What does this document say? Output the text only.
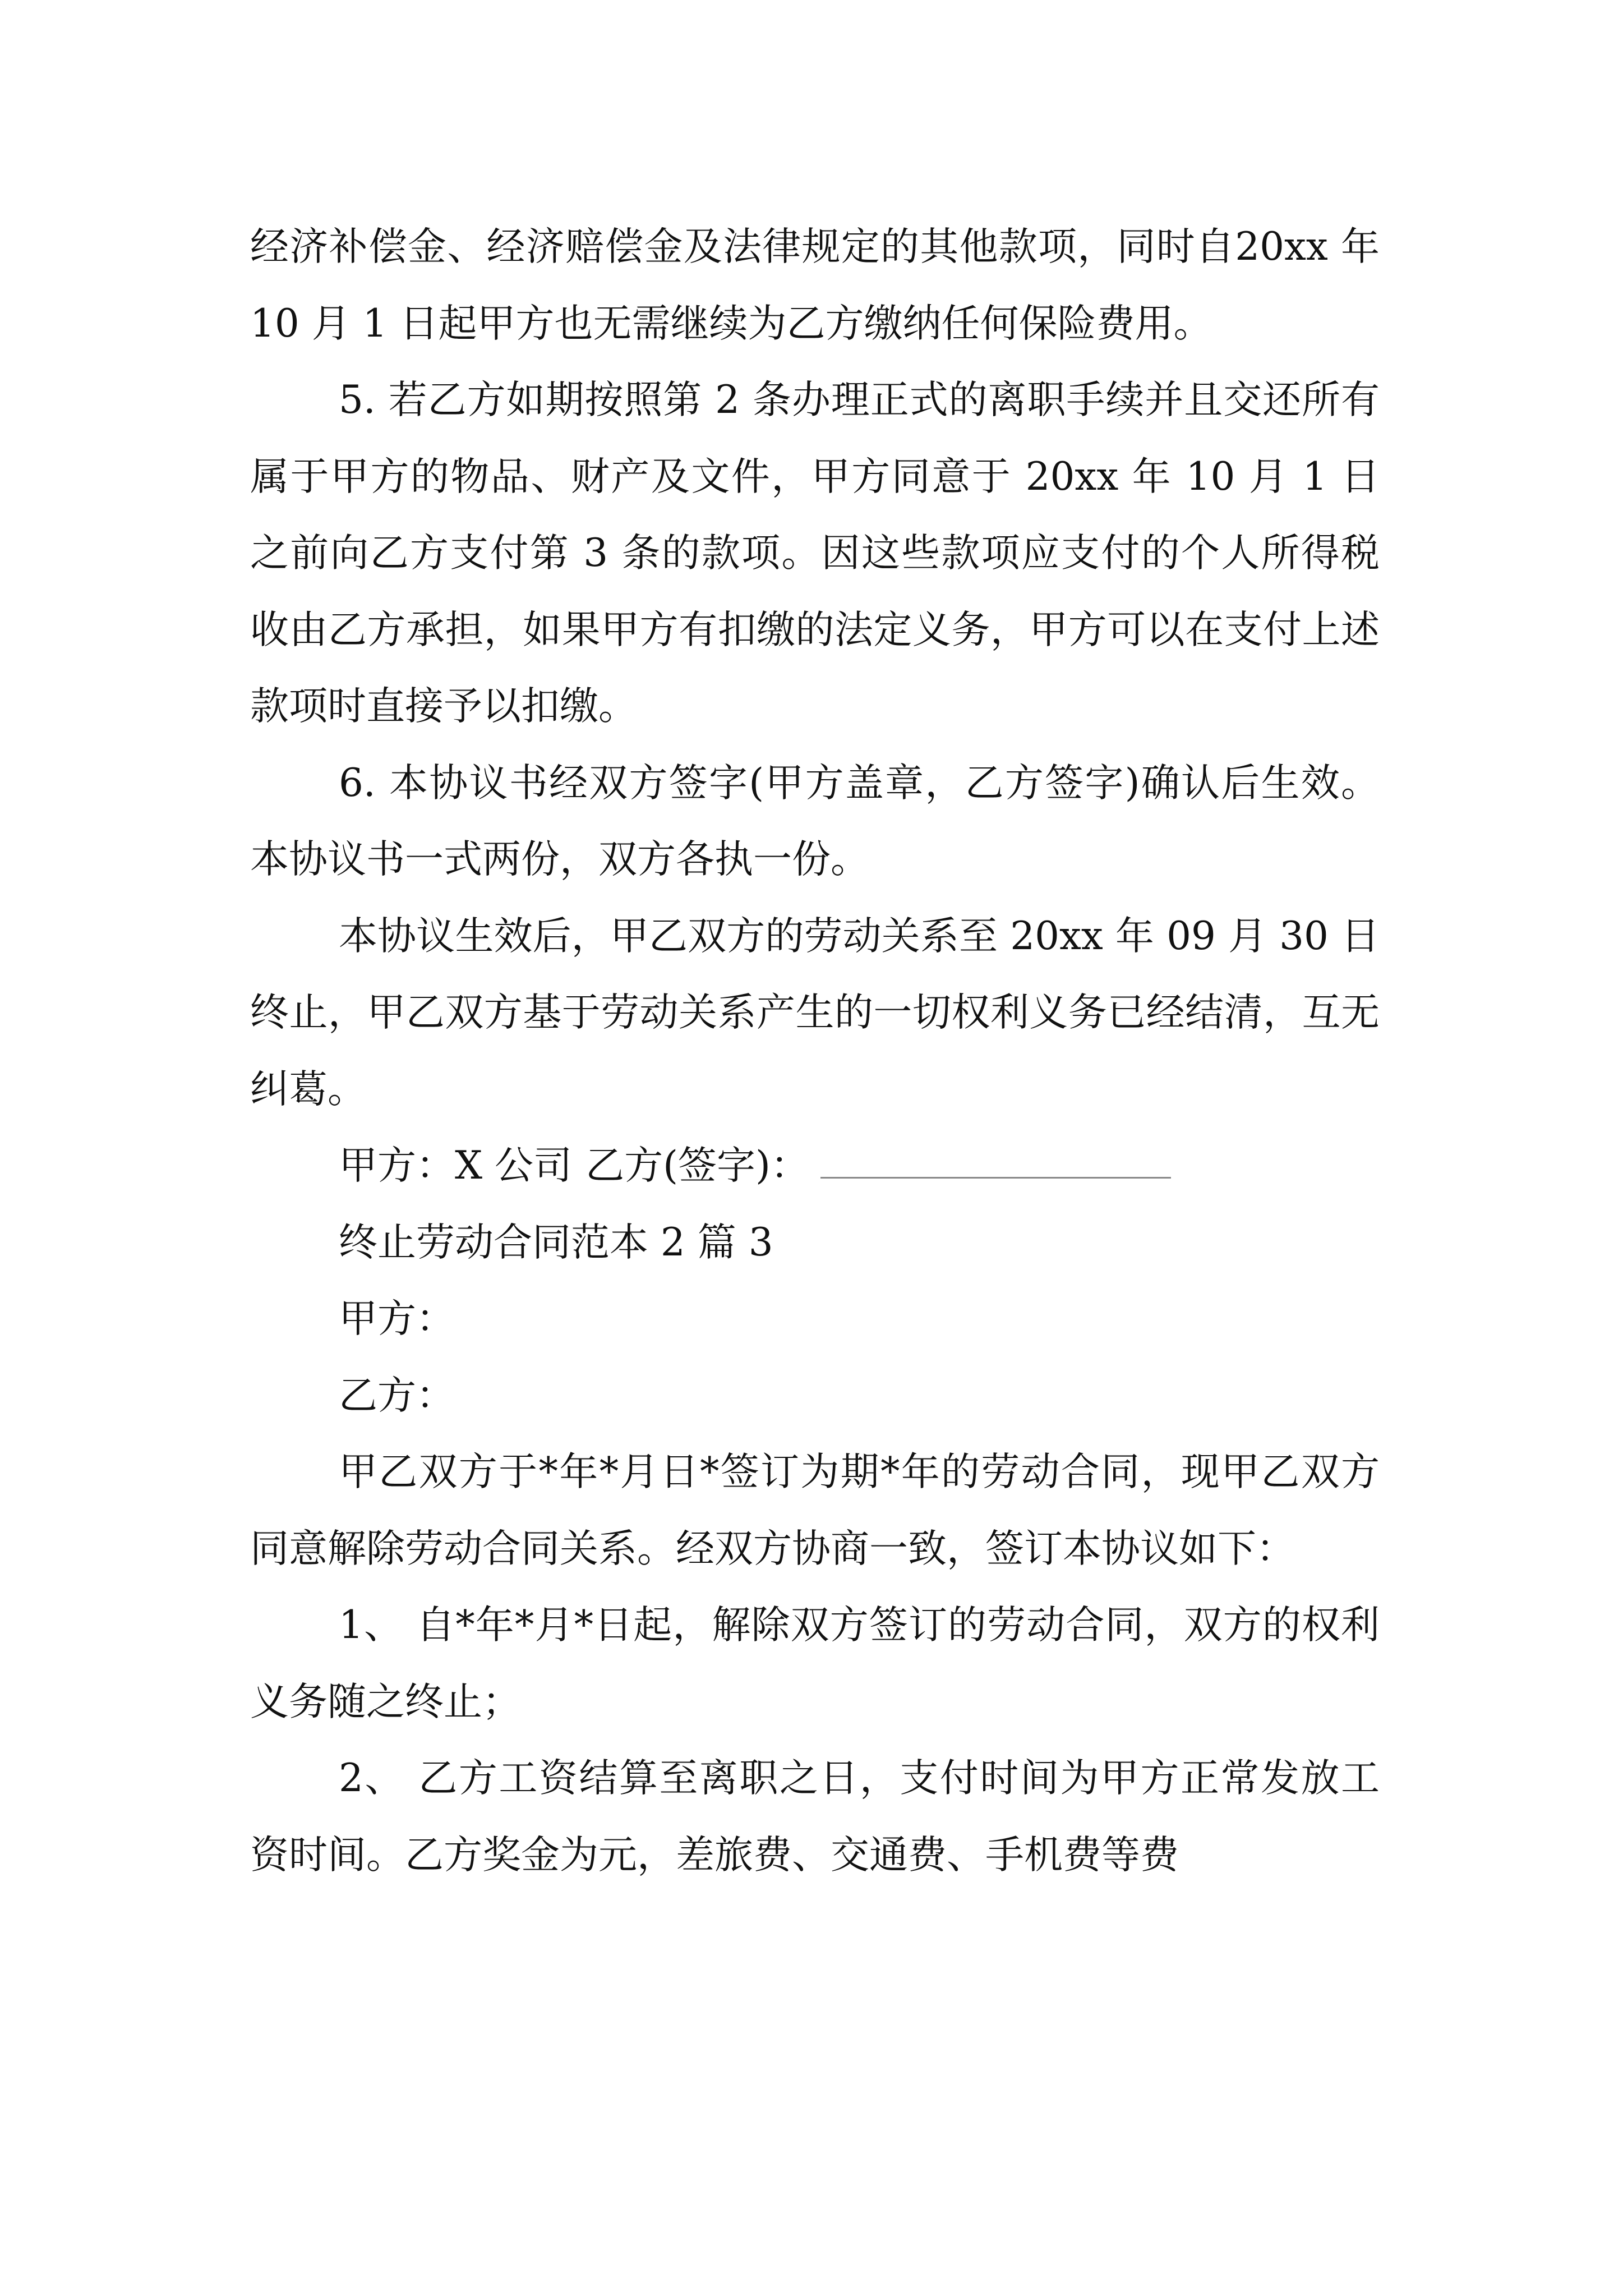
经济补偿金、经济赔偿金及法律规定的其他款项，同时自20xx 年 10 月 1 日起甲方也无需继续为乙方缴纳任何保险费用。

5. 若乙方如期按照第 2 条办理正式的离职手续并且交还所有属于甲方的物品、财产及文件，甲方同意于 20xx 年 10 月 1 日之前向乙方支付第 3 条的款项。因这些款项应支付的个人所得税收由乙方承担，如果甲方有扣缴的法定义务，甲方可以在支付上述款项时直接予以扣缴。

6. 本协议书经双方签字(甲方盖章，乙方签字)确认后生效。本协议书一式两份，双方各执一份。

本协议生效后，甲乙双方的劳动关系至 20xx 年 09 月 30 日终止，甲乙双方基于劳动关系产生的一切权利义务已经结清，互无纠葛。

甲方：X 公司 乙方(签字)：

终止劳动合同范本 2 篇 3

甲方：

乙方：

甲乙双方于*年*月日*签订为期*年的劳动合同，现甲乙双方同意解除劳动合同关系。经双方协商一致，签订本协议如下：

1、 自*年*月*日起，解除双方签订的劳动合同，双方的权利义务随之终止；

2、 乙方工资结算至离职之日，支付时间为甲方正常发放工资时间。乙方奖金为元，差旅费、交通费、手机费等费
